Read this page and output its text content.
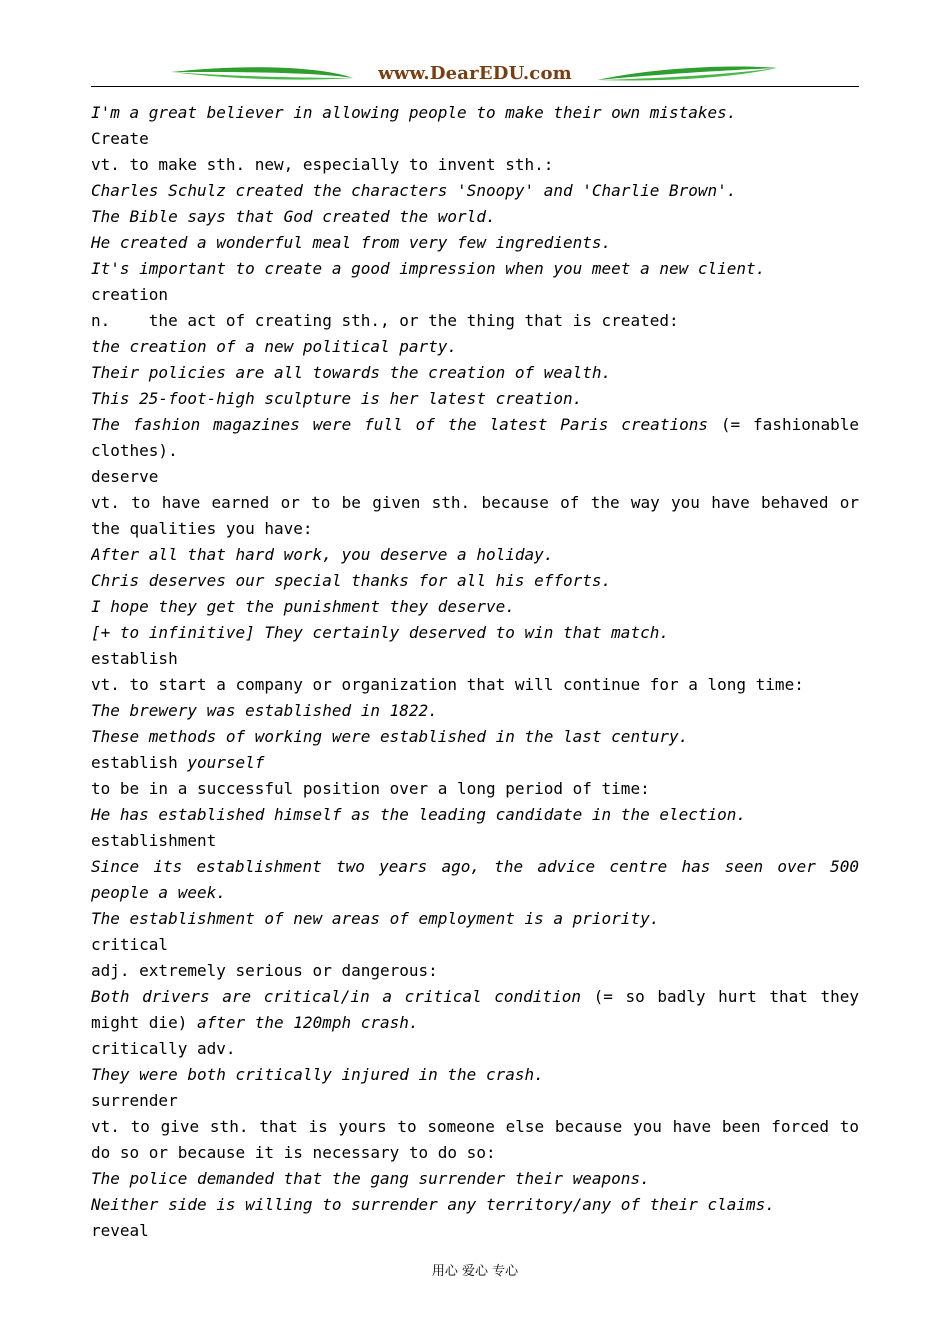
www.DearEDU.com
I'm a great believer in allowing people to make their own mistakes.
Create
vt. to make sth. new, especially to invent sth.:
Charles Schulz created the characters 'Snoopy' and 'Charlie Brown'.
The Bible says that God created the world.
He created a wonderful meal from very few ingredients.
It's important to create a good impression when you meet a new client.
creation
n.    the act of creating sth., or the thing that is created:
the creation of a new political party.
Their policies are all towards the creation of wealth.
This 25-foot-high sculpture is her latest creation.
The fashion magazines were full of the latest Paris creations (= fashionable
clothes).
deserve
vt. to have earned or to be given sth. because of the way you have behaved or
the qualities you have:
After all that hard work, you deserve a holiday.
Chris deserves our special thanks for all his efforts.
I hope they get the punishment they deserve.
[+ to infinitive] They certainly deserved to win that match.
establish
vt. to start a company or organization that will continue for a long time:
The brewery was established in 1822.
These methods of working were established in the last century.
establish yourself
to be in a successful position over a long period of time:
He has established himself as the leading candidate in the election.
establishment
Since its establishment two years ago, the advice centre has seen over 500
people a week.
The establishment of new areas of employment is a priority.
critical
adj. extremely serious or dangerous:
Both drivers are critical/in a critical condition (= so badly hurt that they
might die) after the 120mph crash.
critically adv.
They were both critically injured in the crash.
surrender
vt. to give sth. that is yours to someone else because you have been forced to
do so or because it is necessary to do so:
The police demanded that the gang surrender their weapons.
Neither side is willing to surrender any territory/any of their claims.
reveal
用心 爱心 专心
